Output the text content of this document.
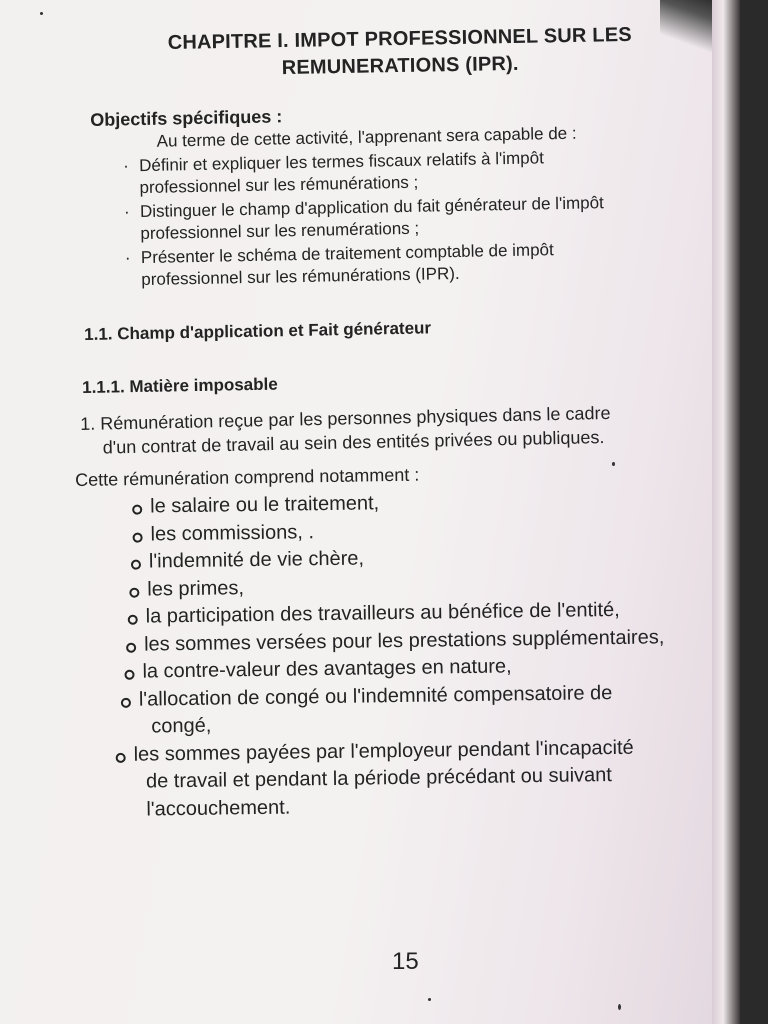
CHAPITRE I. IMPOT PROFESSIONNEL SUR LES
REMUNERATIONS (IPR).
Objectifs spécifiques :
Au terme de cette activité, l'apprenant sera capable de :
· Définir et expliquer les termes fiscaux relatifs à l'impôt
professionnel sur les rémunérations ;
· Distinguer le champ d'application du fait générateur de l'impôt
professionnel sur les renumérations ;
· Présenter le schéma de traitement comptable de impôt
professionnel sur les rémunérations (IPR).
1.1. Champ d'application et Fait générateur
1.1.1. Matière imposable
1. Rémunération reçue par les personnes physiques dans le cadre
d'un contrat de travail au sein des entités privées ou publiques.
Cette rémunération comprend notamment :
le salaire ou le traitement,
les commissions, .
l'indemnité de vie chère,
les primes,
la participation des travailleurs au bénéfice de l'entité,
les sommes versées pour les prestations supplémentaires,
la contre-valeur des avantages en nature,
l'allocation de congé ou l'indemnité compensatoire de
congé,
les sommes payées par l'employeur pendant l'incapacité
de travail et pendant la période précédant ou suivant
l'accouchement.
15
